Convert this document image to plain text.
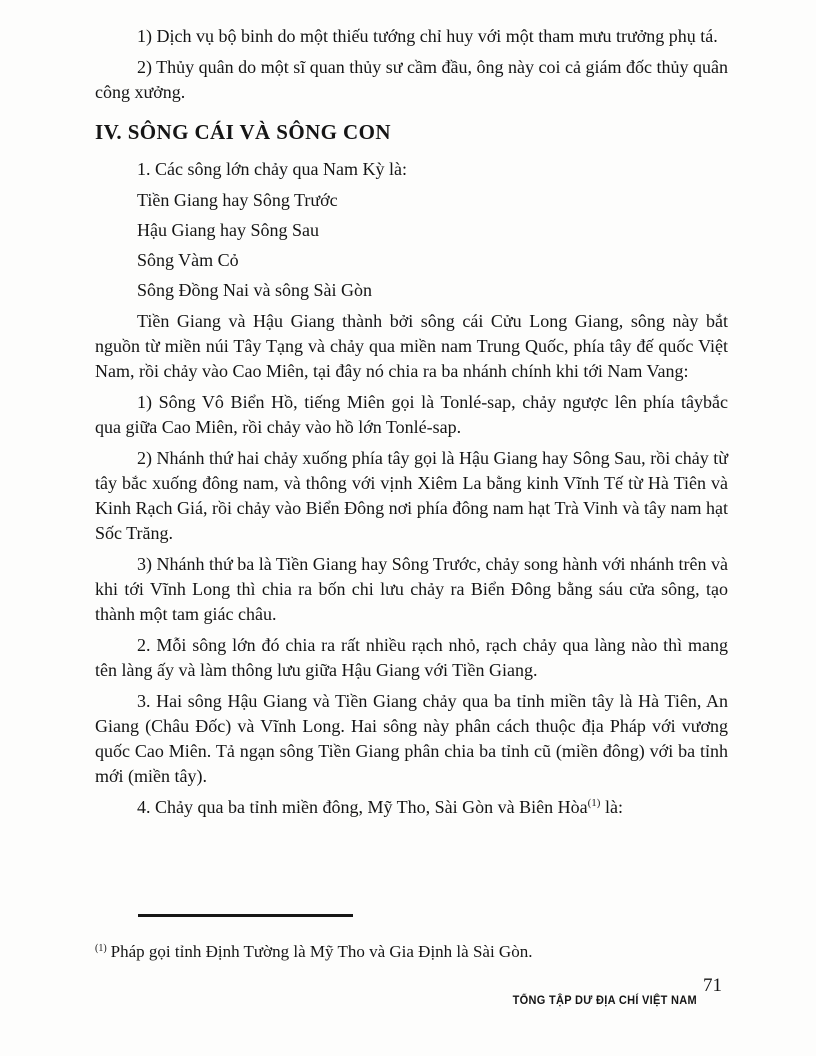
1) Dịch vụ bộ binh do một thiếu tướng chỉ huy với một tham mưu trưởng phụ tá.

2) Thủy quân do một sĩ quan thủy sư cầm đầu, ông này coi cả giám đốc thủy quân công xưởng.

IV. SÔNG CÁI VÀ SÔNG CON

1. Các sông lớn chảy qua Nam Kỳ là:

Tiền Giang hay Sông Trước

Hậu Giang hay Sông Sau

Sông Vàm Cỏ

Sông Đồng Nai và sông Sài Gòn

Tiền Giang và Hậu Giang thành bởi sông cái Cửu Long Giang, sông này bắt nguồn từ miền núi Tây Tạng và chảy qua miền nam Trung Quốc, phía tây đế quốc Việt Nam, rồi chảy vào Cao Miên, tại đây nó chia ra ba nhánh chính khi tới Nam Vang:

1) Sông Vô Biển Hồ, tiếng Miên gọi là Tonlé-sap, chảy ngược lên phía tâybắc qua giữa Cao Miên, rồi chảy vào hồ lớn Tonlé-sap.

2) Nhánh thứ hai chảy xuống phía tây gọi là Hậu Giang hay Sông Sau, rồi chảy từ tây bắc xuống đông nam, và thông với vịnh Xiêm La bằng kinh Vĩnh Tế từ Hà Tiên và Kinh Rạch Giá, rồi chảy vào Biển Đông nơi phía đông nam hạt Trà Vinh và tây nam hạt Sốc Trăng.

3) Nhánh thứ ba là Tiền Giang hay Sông Trước, chảy song hành với nhánh trên và khi tới Vĩnh Long thì chia ra bốn chi lưu chảy ra Biển Đông bằng sáu cửa sông, tạo thành một tam giác châu.

2. Mỗi sông lớn đó chia ra rất nhiều rạch nhỏ, rạch chảy qua làng nào thì mang tên làng ấy và làm thông lưu giữa Hậu Giang với Tiền Giang.

3. Hai sông Hậu Giang và Tiền Giang chảy qua ba tỉnh miền tây là Hà Tiên, An Giang (Châu Đốc) và Vĩnh Long. Hai sông này phân cách thuộc địa Pháp với vương quốc Cao Miên. Tả ngạn sông Tiền Giang phân chia ba tỉnh cũ (miền đông) với ba tỉnh mới (miền tây).

4. Chảy qua ba tỉnh miền đông, Mỹ Tho, Sài Gòn và Biên Hòa$^{(1)}$ là:

$^{(1)}$ Pháp gọi tỉnh Định Tường là Mỹ Tho và Gia Định là Sài Gòn.

71
TỔNG TẬP DƯ ĐỊA CHÍ VIỆT NAM
